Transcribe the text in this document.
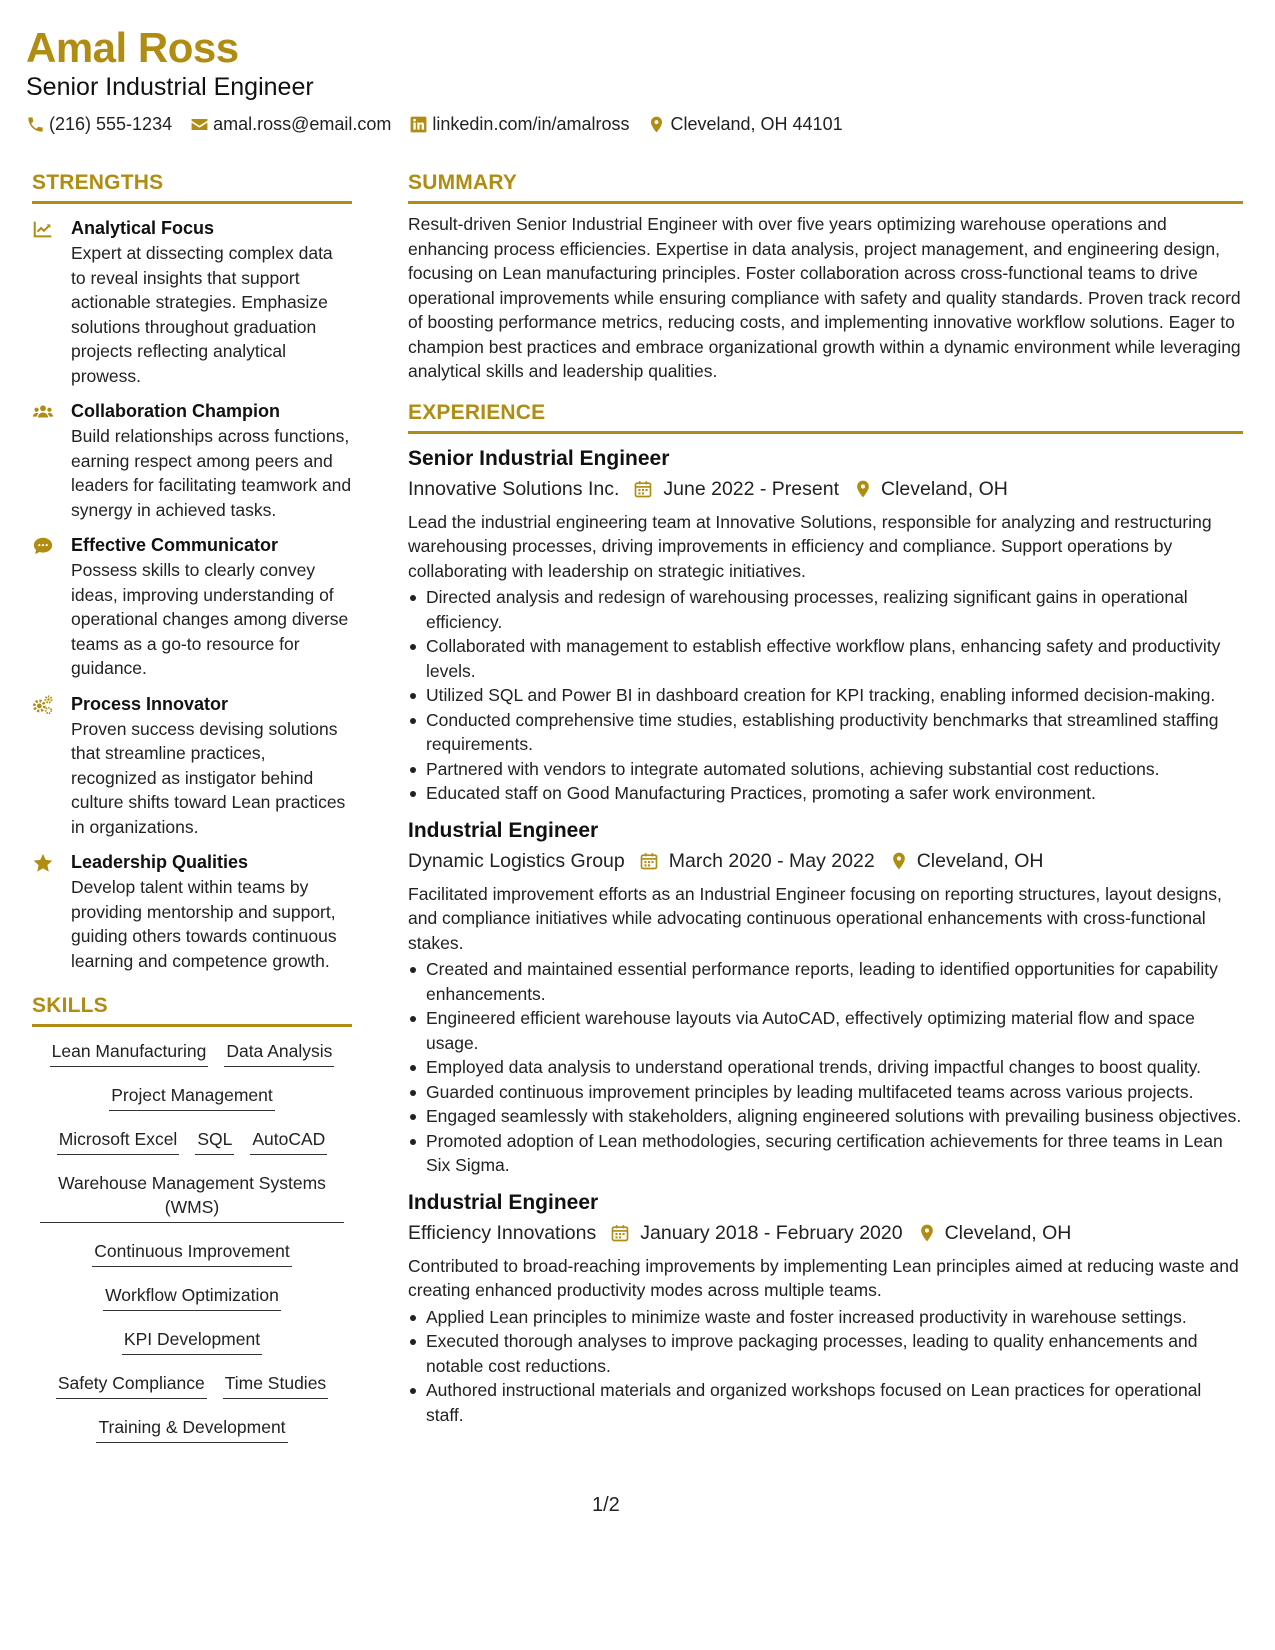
Amal Ross
Senior Industrial Engineer
(216) 555-1234 amal.ross@email.com linkedin.com/in/amalross Cleveland, OH 44101
STRENGTHS
Analytical Focus
Expert at dissecting complex data to reveal insights that support actionable strategies. Emphasize solutions throughout graduation projects reflecting analytical prowess.
Collaboration Champion
Build relationships across functions, earning respect among peers and leaders for facilitating teamwork and synergy in achieved tasks.
Effective Communicator
Possess skills to clearly convey ideas, improving understanding of operational changes among diverse teams as a go-to resource for guidance.
Process Innovator
Proven success devising solutions that streamline practices, recognized as instigator behind culture shifts toward Lean practices in organizations.
Leadership Qualities
Develop talent within teams by providing mentorship and support, guiding others towards continuous learning and competence growth.
SKILLS
Lean Manufacturing Data Analysis
Project Management
Microsoft Excel SQL AutoCAD
Warehouse Management Systems (WMS)
Continuous Improvement
Workflow Optimization
KPI Development
Safety Compliance Time Studies
Training & Development
SUMMARY
Result-driven Senior Industrial Engineer with over five years optimizing warehouse operations and enhancing process efficiencies. Expertise in data analysis, project management, and engineering design, focusing on Lean manufacturing principles. Foster collaboration across cross-functional teams to drive operational improvements while ensuring compliance with safety and quality standards. Proven track record of boosting performance metrics, reducing costs, and implementing innovative workflow solutions. Eager to champion best practices and embrace organizational growth within a dynamic environment while leveraging analytical skills and leadership qualities.
EXPERIENCE
Senior Industrial Engineer
Innovative Solutions Inc. June 2022 - Present Cleveland, OH
Lead the industrial engineering team at Innovative Solutions, responsible for analyzing and restructuring warehousing processes, driving improvements in efficiency and compliance. Support operations by collaborating with leadership on strategic initiatives.
Directed analysis and redesign of warehousing processes, realizing significant gains in operational efficiency.
Collaborated with management to establish effective workflow plans, enhancing safety and productivity levels.
Utilized SQL and Power BI in dashboard creation for KPI tracking, enabling informed decision-making.
Conducted comprehensive time studies, establishing productivity benchmarks that streamlined staffing requirements.
Partnered with vendors to integrate automated solutions, achieving substantial cost reductions.
Educated staff on Good Manufacturing Practices, promoting a safer work environment.
Industrial Engineer
Dynamic Logistics Group March 2020 - May 2022 Cleveland, OH
Facilitated improvement efforts as an Industrial Engineer focusing on reporting structures, layout designs, and compliance initiatives while advocating continuous operational enhancements with cross-functional stakes.
Created and maintained essential performance reports, leading to identified opportunities for capability enhancements.
Engineered efficient warehouse layouts via AutoCAD, effectively optimizing material flow and space usage.
Employed data analysis to understand operational trends, driving impactful changes to boost quality.
Guarded continuous improvement principles by leading multifaceted teams across various projects.
Engaged seamlessly with stakeholders, aligning engineered solutions with prevailing business objectives.
Promoted adoption of Lean methodologies, securing certification achievements for three teams in Lean Six Sigma.
Industrial Engineer
Efficiency Innovations January 2018 - February 2020 Cleveland, OH
Contributed to broad-reaching improvements by implementing Lean principles aimed at reducing waste and creating enhanced productivity modes across multiple teams.
Applied Lean principles to minimize waste and foster increased productivity in warehouse settings.
Executed thorough analyses to improve packaging processes, leading to quality enhancements and notable cost reductions.
Authored instructional materials and organized workshops focused on Lean practices for operational staff.
1/2
